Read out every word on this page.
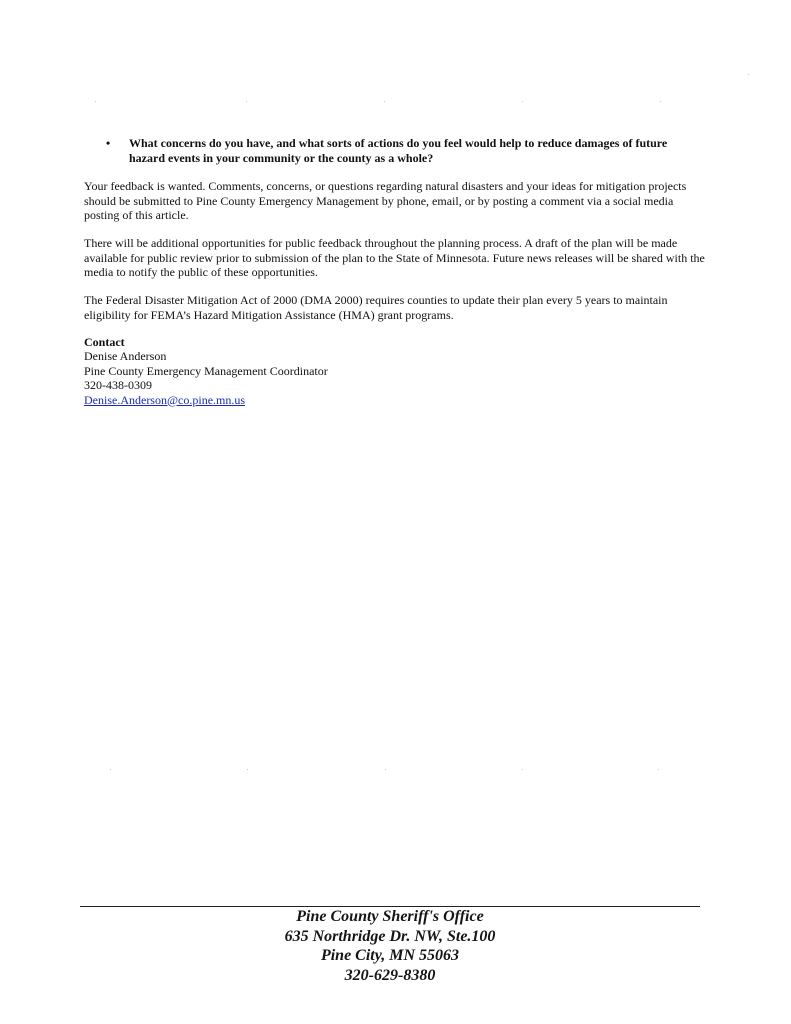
•	What concerns do you have, and what sorts of actions do you feel would help to reduce damages of future hazard events in your community or the county as a whole?
Your feedback is wanted. Comments, concerns, or questions regarding natural disasters and your ideas for mitigation projects should be submitted to Pine County Emergency Management by phone, email, or by posting a comment via a social media posting of this article.
There will be additional opportunities for public feedback throughout the planning process. A draft of the plan will be made available for public review prior to submission of the plan to the State of Minnesota. Future news releases will be shared with the media to notify the public of these opportunities.
The Federal Disaster Mitigation Act of 2000 (DMA 2000) requires counties to update their plan every 5 years to maintain eligibility for FEMA’s Hazard Mitigation Assistance (HMA) grant programs.
Contact
Denise Anderson
Pine County Emergency Management Coordinator
320-438-0309
Denise.Anderson@co.pine.mn.us
Pine County Sheriff's Office
635 Northridge Dr. NW, Ste.100
Pine City, MN 55063
320-629-8380
